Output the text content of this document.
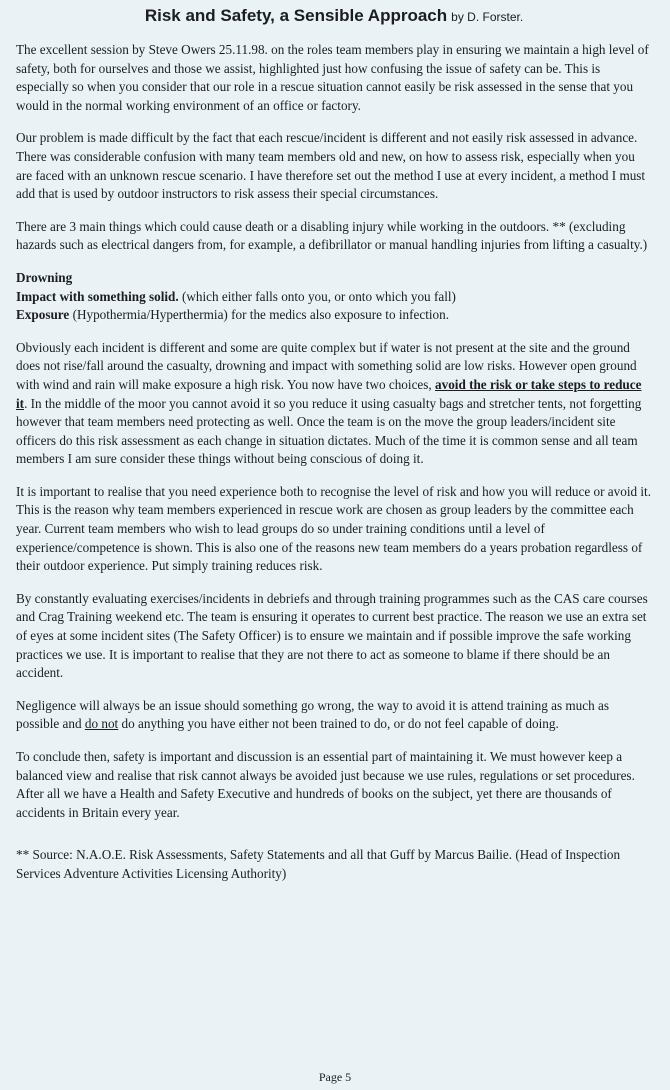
Risk and Safety, a Sensible Approach by D. Forster.

The excellent session by Steve Owers 25.11.98. on the roles team members play in ensuring we maintain a high level of safety, both for ourselves and those we assist, highlighted just how confusing the issue of safety can be. This is especially so when you consider that our role in a rescue situation cannot easily be risk assessed in the sense that you would in the normal working environment of an office or factory.

Our problem is made difficult by the fact that each rescue/incident is different and not easily risk assessed in advance. There was considerable confusion with many team members old and new, on how to assess risk, especially when you are faced with an unknown rescue scenario. I have therefore set out the method I use at every incident, a method I must add that is used by outdoor instructors to risk assess their special circumstances.

There are 3 main things which could cause death or a disabling injury while working in the outdoors. ** (excluding hazards such as electrical dangers from, for example, a defibrillator or manual handling injuries from lifting a casualty.)

Drowning
Impact with something solid. (which either falls onto you, or onto which you fall)
Exposure (Hypothermia/Hyperthermia) for the medics also exposure to infection.

Obviously each incident is different and some are quite complex but if water is not present at the site and the ground does not rise/fall around the casualty, drowning and impact with something solid are low risks. However open ground with wind and rain will make exposure a high risk. You now have two choices, avoid the risk or take steps to reduce it. In the middle of the moor you cannot avoid it so you reduce it using casualty bags and stretcher tents, not forgetting however that team members need protecting as well. Once the team is on the move the group leaders/incident site officers do this risk assessment as each change in situation dictates. Much of the time it is common sense and all team members I am sure consider these things without being conscious of doing it.

It is important to realise that you need experience both to recognise the level of risk and how you will reduce or avoid it. This is the reason why team members experienced in rescue work are chosen as group leaders by the committee each year. Current team members who wish to lead groups do so under training conditions until a level of experience/competence is shown. This is also one of the reasons new team members do a years probation regardless of their outdoor experience. Put simply training reduces risk.

By constantly evaluating exercises/incidents in debriefs and through training programmes such as the CAS care courses and Crag Training weekend etc. The team is ensuring it operates to current best practice. The reason we use an extra set of eyes at some incident sites (The Safety Officer) is to ensure we maintain and if possible improve the safe working practices we use. It is important to realise that they are not there to act as someone to blame if there should be an accident.

Negligence will always be an issue should something go wrong, the way to avoid it is attend training as much as possible and do not do anything you have either not been trained to do, or do not feel capable of doing.

To conclude then, safety is important and discussion is an essential part of maintaining it. We must however keep a balanced view and realise that risk cannot always be avoided just because we use rules, regulations or set procedures. After all we have a Health and Safety Executive and hundreds of books on the subject, yet there are thousands of accidents in Britain every year.

** Source: N.A.O.E. Risk Assessments, Safety Statements and all that Guff by Marcus Bailie. (Head of Inspection Services Adventure Activities Licensing Authority)

Page 5
